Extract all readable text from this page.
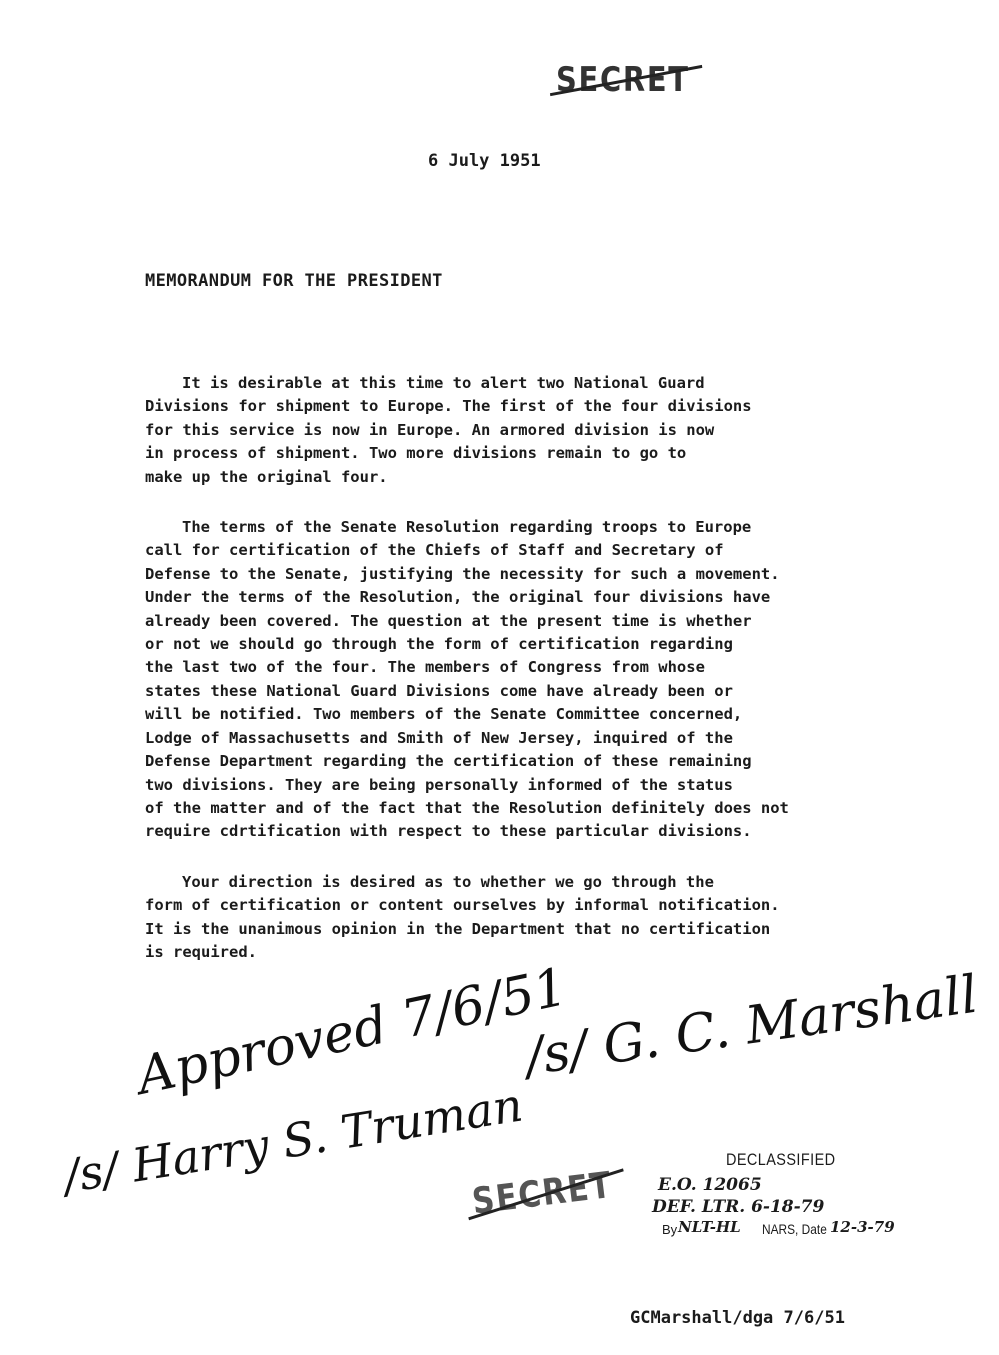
SECRET
6 July 1951
MEMORANDUM FOR THE PRESIDENT
It is desirable at this time to alert two National Guard
Divisions for shipment to Europe. The first of the four divisions
for this service is now in Europe. An armored division is now
in process of shipment. Two more divisions remain to go to
make up the original four.
The terms of the Senate Resolution regarding troops to Europe
call for certification of the Chiefs of Staff and Secretary of
Defense to the Senate, justifying the necessity for such a movement.
Under the terms of the Resolution, the original four divisions have
already been covered. The question at the present time is whether
or not we should go through the form of certification regarding
the last two of the four. The members of Congress from whose
states these National Guard Divisions come have already been or
will be notified. Two members of the Senate Committee concerned,
Lodge of Massachusetts and Smith of New Jersey, inquired of the
Defense Department regarding the certification of these remaining
two divisions. They are being personally informed of the status
of the matter and of the fact that the Resolution definitely does not
require cdrtification with respect to these particular divisions.
Your direction is desired as to whether we go through the
form of certification or content ourselves by informal notification.
It is the unanimous opinion in the Department that no certification
is required.
Approved 7/6/51
/s/ G. C. Marshall
/s/ Harry S. Truman	DECLASSIFIED
E.O. 12065
DEF. LTR. 6-18-79
By NLT-HL NARS, Date 12-3-79
SECRET
GCMarshall/dga 7/6/51
